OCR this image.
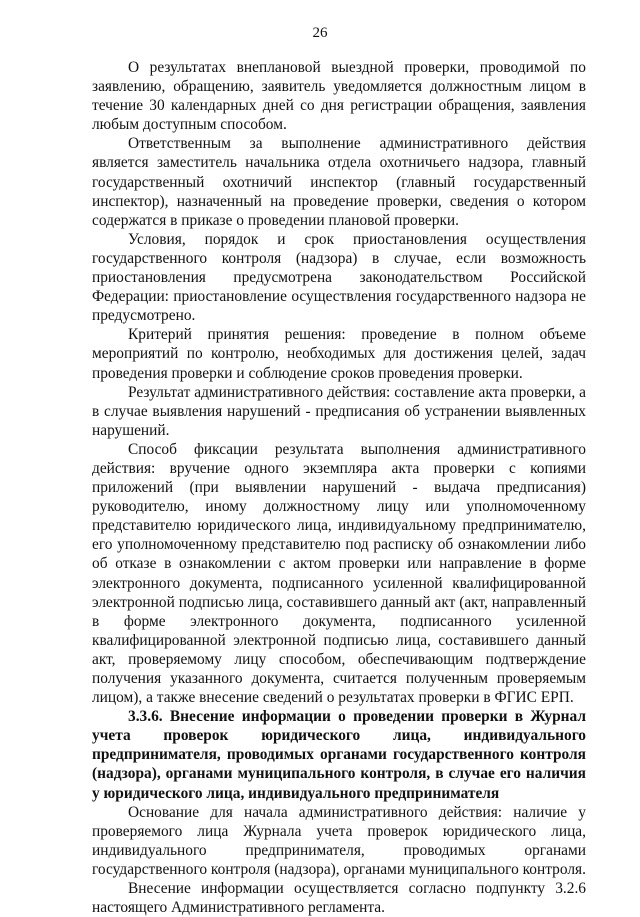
26

О результатах внеплановой выездной проверки, проводимой по заявлению, обращению, заявитель уведомляется должностным лицом в течение 30 календарных дней со дня регистрации обращения, заявления любым доступным способом.

Ответственным за выполнение административного действия является заместитель начальника отдела охотничьего надзора, главный государственный охотничий инспектор (главный государственный инспектор), назначенный на проведение проверки, сведения о котором содержатся в приказе о проведении плановой проверки.

Условия, порядок и срок приостановления осуществления государственного контроля (надзора) в случае, если возможность приостановления предусмотрена законодательством Российской Федерации: приостановление осуществления государственного надзора не предусмотрено.

Критерий принятия решения: проведение в полном объеме мероприятий по контролю, необходимых для достижения целей, задач проведения проверки и соблюдение сроков проведения проверки.

Результат административного действия: составление акта проверки, а в случае выявления нарушений - предписания об устранении выявленных нарушений.

Способ фиксации результата выполнения административного действия: вручение одного экземпляра акта проверки с копиями приложений (при выявлении нарушений - выдача предписания) руководителю, иному должностному лицу или уполномоченному представителю юридического лица, индивидуальному предпринимателю, его уполномоченному представителю под расписку об ознакомлении либо об отказе в ознакомлении с актом проверки или направление в форме электронного документа, подписанного усиленной квалифицированной электронной подписью лица, составившего данный акт (акт, направленный в форме электронного документа, подписанного усиленной квалифицированной электронной подписью лица, составившего данный акт, проверяемому лицу способом, обеспечивающим подтверждение получения указанного документа, считается полученным проверяемым лицом), а также внесение сведений о результатах проверки в ФГИС ЕРП.

3.3.6. Внесение информации о проведении проверки в Журнал учета проверок юридического лица, индивидуального предпринимателя, проводимых органами государственного контроля (надзора), органами муниципального контроля, в случае его наличия у юридического лица, индивидуального предпринимателя

Основание для начала административного действия: наличие у проверяемого лица Журнала учета проверок юридического лица, индивидуального предпринимателя, проводимых органами государственного контроля (надзора), органами муниципального контроля.

Внесение информации осуществляется согласно подпункту 3.2.6 настоящего Административного регламента.
